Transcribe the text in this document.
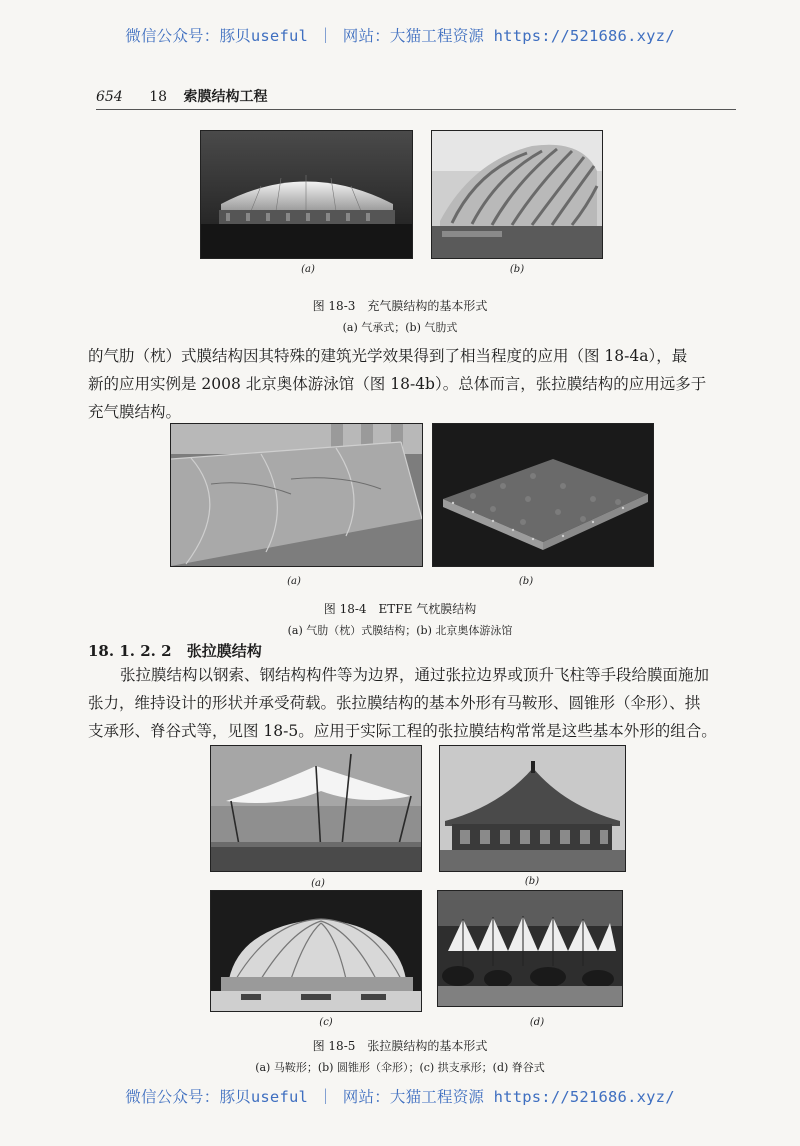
微信公众号：豚贝useful ｜ 网站：大猫工程资源 https://521686.xyz/
654 18 索膜结构工程
(a)	(b)
图 18-3　充气膜结构的基本形式
(a) 气承式；(b) 气肋式
的气肋（枕）式膜结构因其特殊的建筑光学效果得到了相当程度的应用（图 18-4a），最
新的应用实例是 2008 北京奥体游泳馆（图 18-4b）。总体而言，张拉膜结构的应用远多于
充气膜结构。
(a)	(b)
图 18-4　ETFE 气枕膜结构
(a) 气肋（枕）式膜结构；(b) 北京奥体游泳馆
18. 1. 2. 2 张拉膜结构
张拉膜结构以钢索、钢结构构件等为边界，通过张拉边界或顶升飞柱等手段给膜面施加
张力，维持设计的形状并承受荷载。张拉膜结构的基本外形有马鞍形、圆锥形（伞形）、拱
支承形、脊谷式等，见图 18-5。应用于实际工程的张拉膜结构常常是这些基本外形的组合。
(a)	(b)
(c)	(d)
图 18-5　张拉膜结构的基本形式
(a) 马鞍形；(b) 圆锥形（伞形）；(c) 拱支承形；(d) 脊谷式
微信公众号：豚贝useful ｜ 网站：大猫工程资源 https://521686.xyz/
